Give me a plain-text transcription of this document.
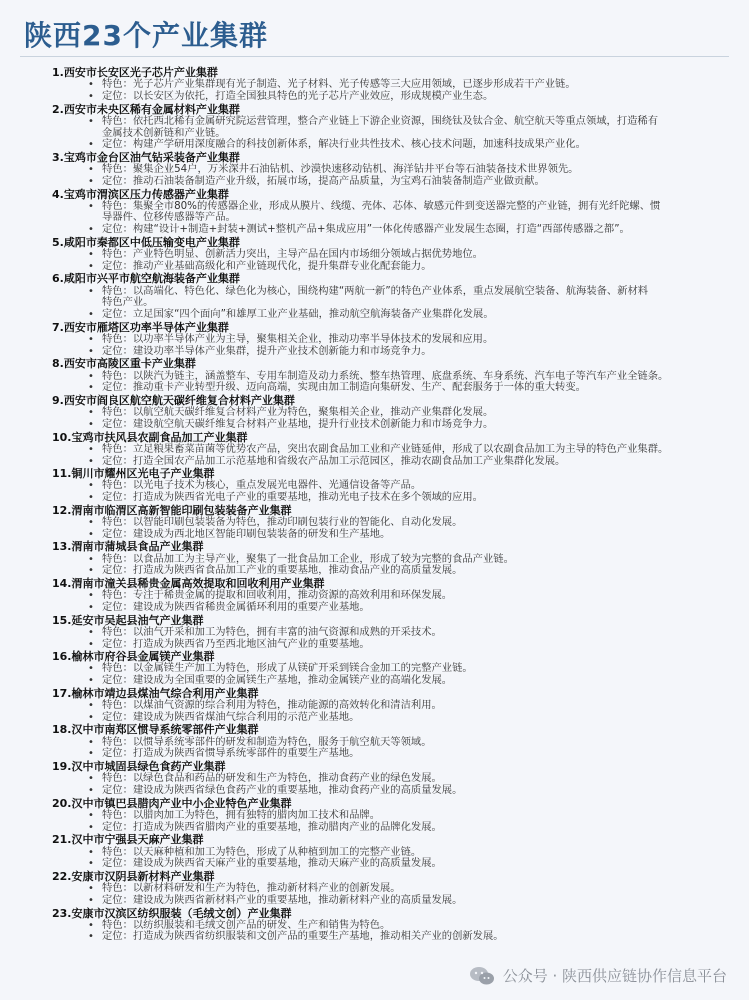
陕西23个产业集群
1.西安市长安区光子芯片产业集群
• 特色：光子芯片产业集群现有光子制造、光子材料、光子传感等三大应用领域，已逐步形成若干产业链。
• 定位：以长安区为依托，打造全国独具特色的光子芯片产业效应，形成规模产业生态。
2.西安市未央区稀有金属材料产业集群
• 特色：依托西北稀有金属研究院运营管理，整合产业链上下游企业资源，围绕钛及钛合金、航空航天等重点领域，打造稀有
金属技术创新链和产业链。
• 定位：构建产学研用深度融合的科技创新体系，解决行业共性技术、核心技术问题，加速科技成果产业化。
3.宝鸡市金台区油气钻采装备产业集群
• 特色：聚集企业54户，万米深井石油钻机、沙漠快速移动钻机、海洋钻井平台等石油装备技术世界领先。
• 定位：推动石油装备制造产业升级，拓展市场，提高产品质量，为宝鸡石油装备制造产业做贡献。
4.宝鸡市渭滨区压力传感器产业集群
• 特色：集聚全市80%的传感器企业，形成从膜片、线缆、壳体、芯体、敏感元件到变送器完整的产业链，拥有光纤陀螺、惯
导器件、位移传感器等产品。
• 定位：构建“设计+制造+封装+测试+整机产品+集成应用”一体化传感器产业发展生态圈，打造“西部传感器之都”。
5.咸阳市秦都区中低压输变电产业集群
• 特色：产业特色明显、创新活力突出，主导产品在国内市场细分领域占据优势地位。
• 定位：推动产业基础高级化和产业链现代化，提升集群专业化配套能力。
6.咸阳市兴平市航空航海装备产业集群
• 特色：以高端化、特色化、绿色化为核心，围绕构建“两航一新”的特色产业体系，重点发展航空装备、航海装备、新材料
特色产业。
• 定位：立足国家“四个面向”和雄厚工业产业基础，推动航空航海装备产业集群化发展。
7.西安市雁塔区功率半导体产业集群
• 特色：以功率半导体产业为主导，聚集相关企业，推动功率半导体技术的发展和应用。
• 定位：建设功率半导体产业集群，提升产业技术创新能力和市场竞争力。
8.西安市高陵区重卡产业集群
• 特色：以陕汽为链主，涵盖整车、专用车制造及动力系统、整车热管理、底盘系统、车身系统、汽车电子等汽车产业全链条。
• 定位：推动重卡产业转型升级、迈向高端，实现由加工制造向集研发、生产、配套服务于一体的重大转变。
9.西安市阎良区航空航天碳纤维复合材料产业集群
• 特色：以航空航天碳纤维复合材料产业为特色，聚集相关企业，推动产业集群化发展。
• 定位：建设航空航天碳纤维复合材料产业基地，提升行业技术创新能力和市场竞争力。
10.宝鸡市扶风县农副食品加工产业集群
• 特色：立足粮果畜菜苗菌等优势农产品，突出农副食品加工业和产业链延伸，形成了以农副食品加工为主导的特色产业集群。
• 定位：打造全国农产品加工示范基地和省级农产品加工示范园区，推动农副食品加工产业集群化发展。
11.铜川市耀州区光电子产业集群
• 特色：以光电子技术为核心，重点发展光电器件、光通信设备等产品。
• 定位：打造成为陕西省光电子产业的重要基地，推动光电子技术在多个领域的应用。
12.渭南市临渭区高新智能印刷包装装备产业集群
• 特色：以智能印刷包装装备为特色，推动印刷包装行业的智能化、自动化发展。
• 定位：建设成为西北地区智能印刷包装装备的研发和生产基地。
13.渭南市蒲城县食品产业集群
• 特色：以食品加工为主导产业，聚集了一批食品加工企业，形成了较为完整的食品产业链。
• 定位：打造成为陕西省食品加工产业的重要基地，推动食品产业的高质量发展。
14.渭南市潼关县稀贵金属高效提取和回收利用产业集群
• 特色：专注于稀贵金属的提取和回收利用，推动资源的高效利用和环保发展。
• 定位：建设成为陕西省稀贵金属循环利用的重要产业基地。
15.延安市吴起县油气产业集群
• 特色：以油气开采和加工为特色，拥有丰富的油气资源和成熟的开采技术。
• 定位：打造成为陕西省乃至西北地区油气产业的重要基地。
16.榆林市府谷县金属镁产业集群
• 特色：以金属镁生产加工为特色，形成了从镁矿开采到镁合金加工的完整产业链。
• 定位：建设成为全国重要的金属镁生产基地，推动金属镁产业的高端化发展。
17.榆林市靖边县煤油气综合利用产业集群
• 特色：以煤油气资源的综合利用为特色，推动能源的高效转化和清洁利用。
• 定位：建设成为陕西省煤油气综合利用的示范产业基地。
18.汉中市南郑区惯导系统零部件产业集群
• 特色：以惯导系统零部件的研发和制造为特色，服务于航空航天等领域。
• 定位：打造成为陕西省惯导系统零部件的重要生产基地。
19.汉中市城固县绿色食药产业集群
• 特色：以绿色食品和药品的研发和生产为特色，推动食药产业的绿色发展。
• 定位：建设成为陕西省绿色食药产业的重要基地，推动食药产业的高质量发展。
20.汉中市镇巴县腊肉产业中小企业特色产业集群
• 特色：以腊肉加工为特色，拥有独特的腊肉加工技术和品牌。
• 定位：打造成为陕西省腊肉产业的重要基地，推动腊肉产业的品牌化发展。
21.汉中市宁强县天麻产业集群
• 特色：以天麻种植和加工为特色，形成了从种植到加工的完整产业链。
• 定位：建设成为陕西省天麻产业的重要基地，推动天麻产业的高质量发展。
22.安康市汉阴县新材料产业集群
• 特色：以新材料研发和生产为特色，推动新材料产业的创新发展。
• 定位：建设成为陕西省新材料产业的重要基地，推动新材料产业的高质量发展。
23.安康市汉滨区纺织服装（毛绒文创）产业集群
• 特色：以纺织服装和毛绒文创产品的研发、生产和销售为特色。
• 定位：打造成为陕西省纺织服装和文创产品的重要生产基地，推动相关产业的创新发展。
公众号 · 陕西供应链协作信息平台
